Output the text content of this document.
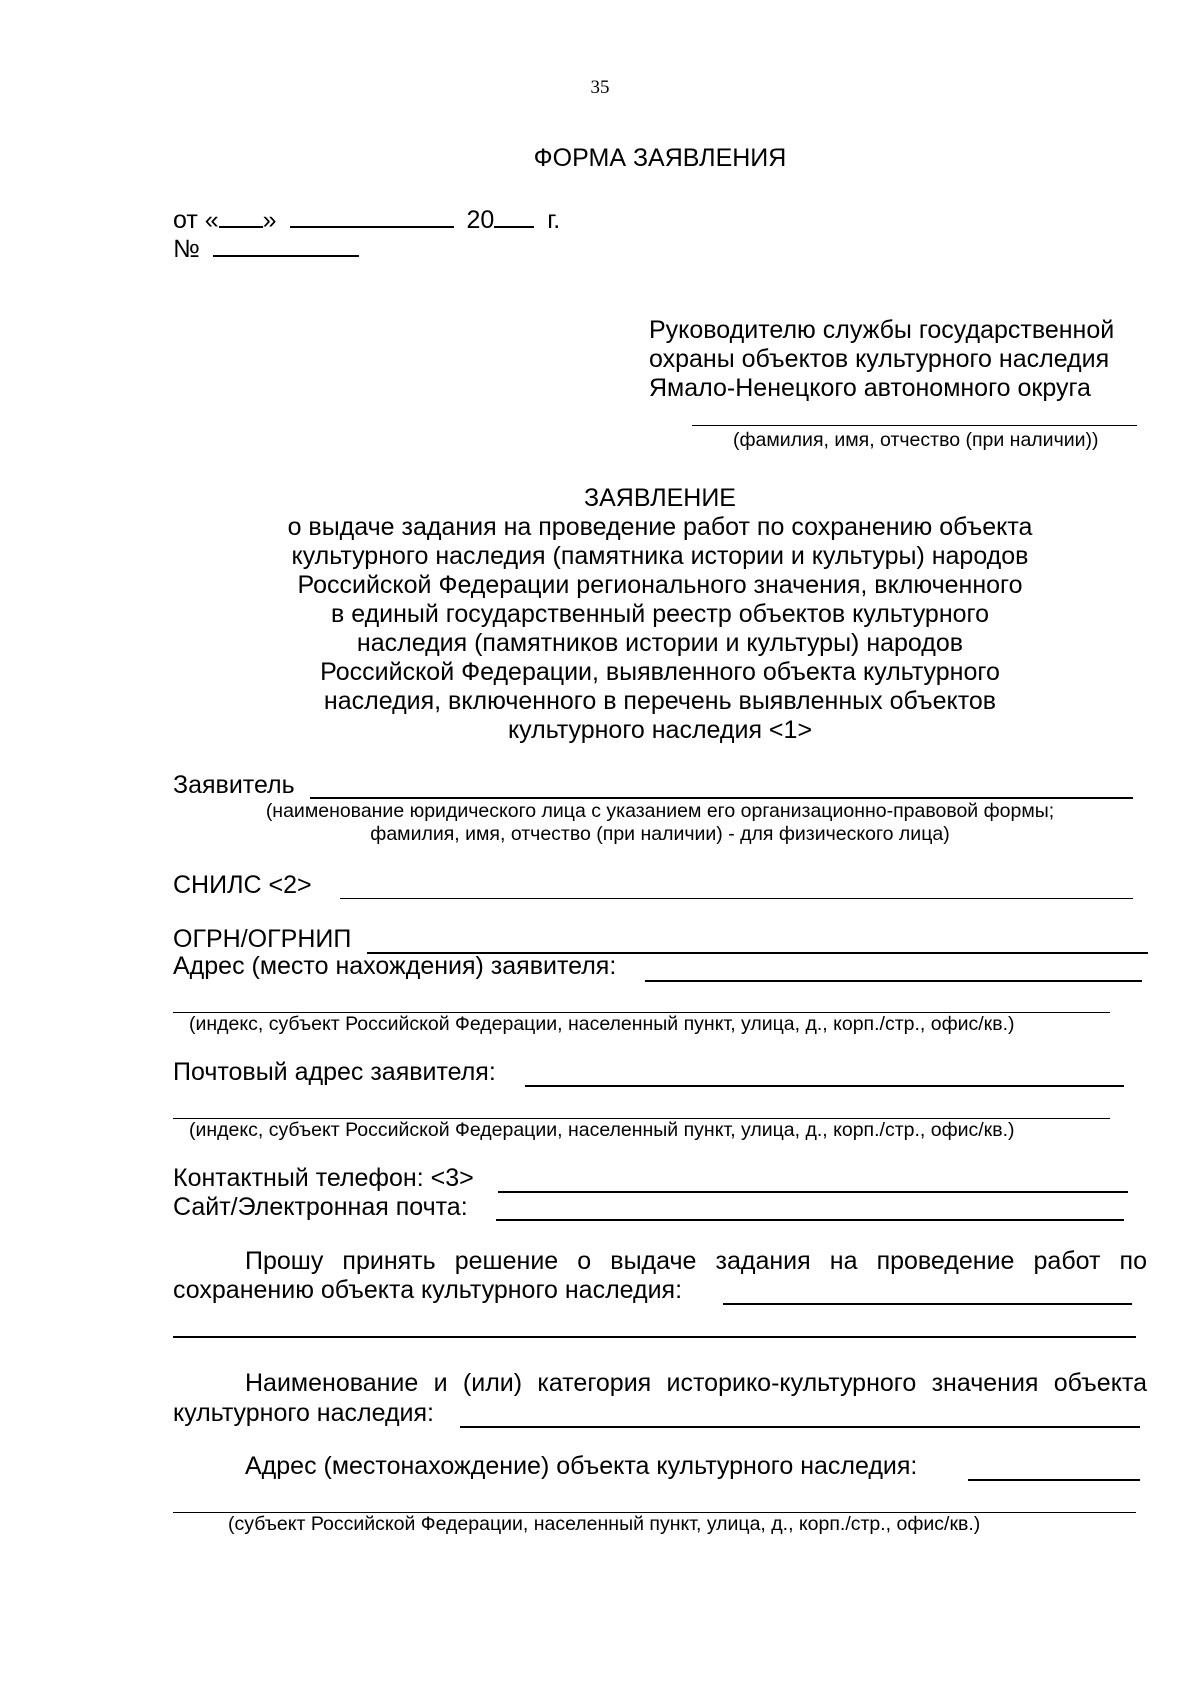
35
ФОРМА ЗАЯВЛЕНИЯ
от « »	20 г.
№
Руководителю службы государственной
охраны объектов культурного наследия
Ямало-Ненецкого автономного округа
(фамилия, имя, отчество (при наличии))
ЗАЯВЛЕНИЕ
о выдаче задания на проведение работ по сохранению объекта
культурного наследия (памятника истории и культуры) народов
Российской Федерации регионального значения, включенного
в единый государственный реестр объектов культурного
наследия (памятников истории и культуры) народов
Российской Федерации, выявленного объекта культурного
наследия, включенного в перечень выявленных объектов
культурного наследия <1>
Заявитель
(наименование юридического лица с указанием его организационно-правовой формы;
фамилия, имя, отчество (при наличии) - для физического лица)
СНИЛС <2>
ОГРН/ОГРНИП
Адрес (место нахождения) заявителя:
(индекс, субъект Российской Федерации, населенный пункт, улица, д., корп./стр., офис/кв.)
Почтовый адрес заявителя:
(индекс, субъект Российской Федерации, населенный пункт, улица, д., корп./стр., офис/кв.)
Контактный телефон: <3>
Сайт/Электронная почта:
Прошу принять решение о выдаче задания на проведение работ по
сохранению объекта культурного наследия:
Наименование и (или) категория историко-культурного значения объекта
культурного наследия:
Адрес (местонахождение) объекта культурного наследия:
(субъект Российской Федерации, населенный пункт, улица, д., корп./стр., офис/кв.)
